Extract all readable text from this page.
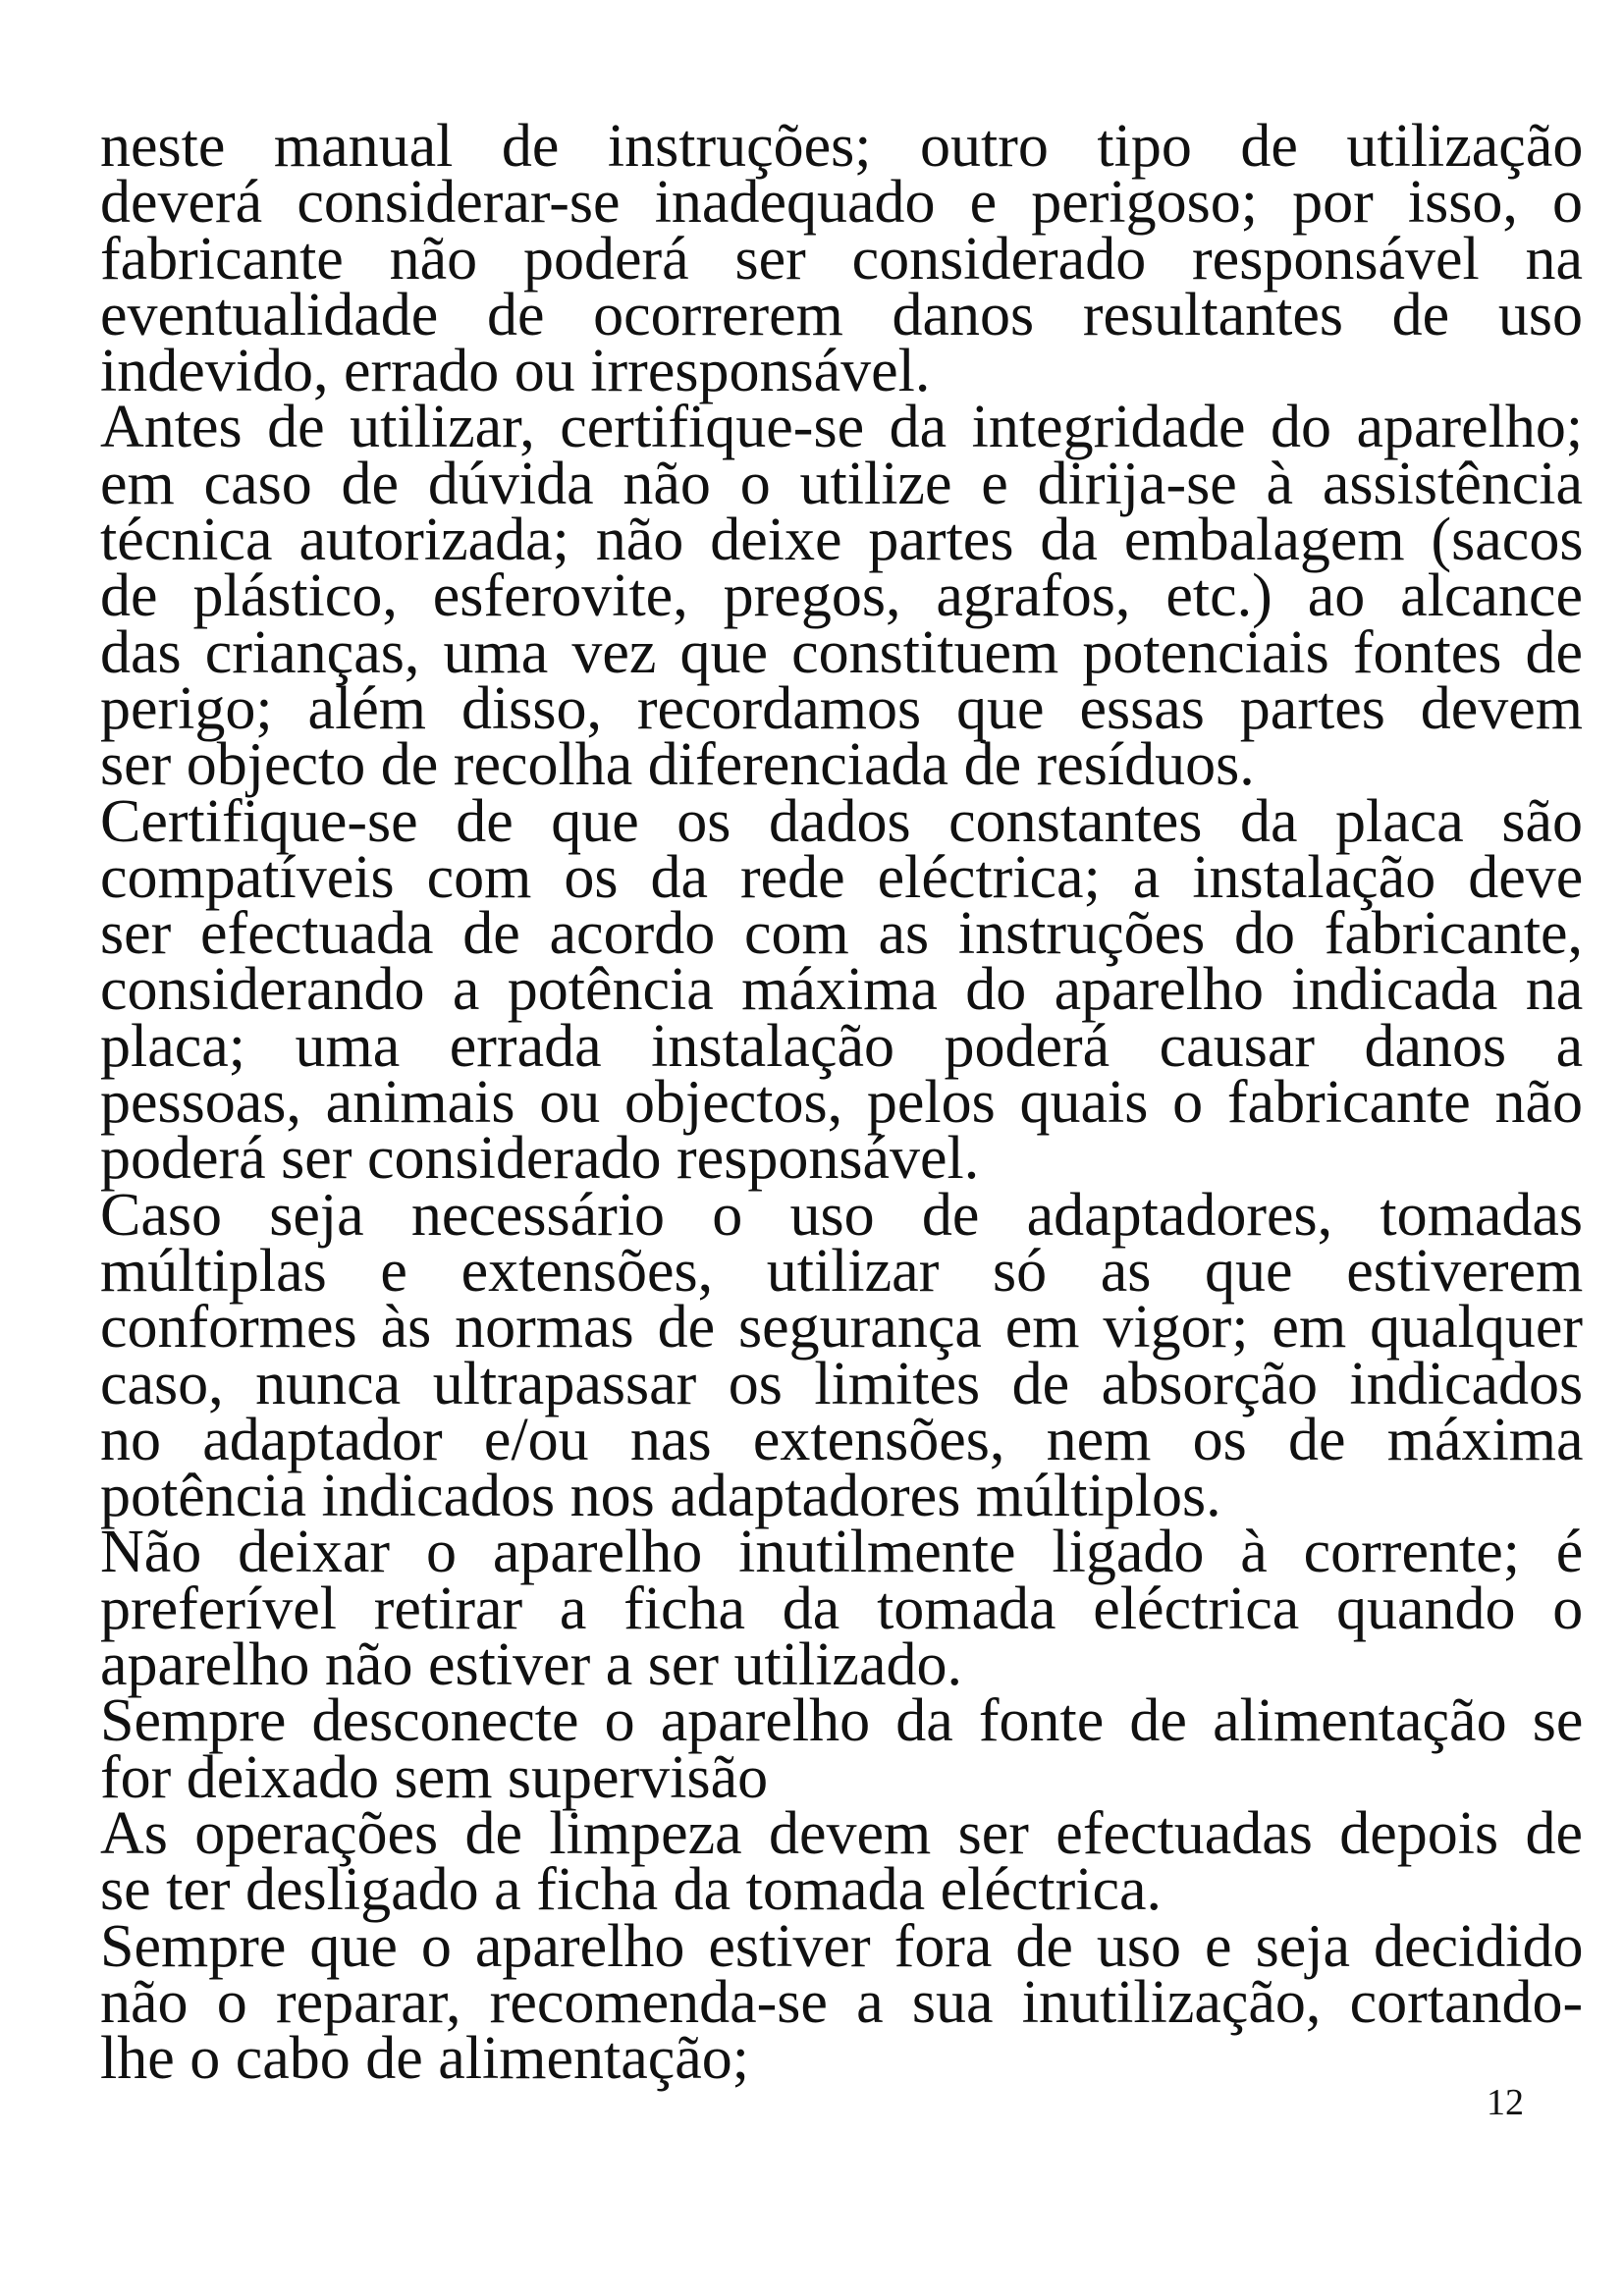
neste manual de instruções; outro tipo de utilização
deverá considerar-se inadequado e perigoso; por isso, o
fabricante não poderá ser considerado responsável na
eventualidade de ocorrerem danos resultantes de uso
indevido, errado ou irresponsável.
Antes de utilizar, certifique-se da integridade do aparelho;
em caso de dúvida não o utilize e dirija-se à assistência
técnica autorizada; não deixe partes da embalagem (sacos
de plástico, esferovite, pregos, agrafos, etc.) ao alcance
das crianças, uma vez que constituem potenciais fontes de
perigo; além disso, recordamos que essas partes devem
ser objecto de recolha diferenciada de resíduos.
Certifique-se de que os dados constantes da placa são
compatíveis com os da rede eléctrica; a instalação deve
ser efectuada de acordo com as instruções do fabricante,
considerando a potência máxima do aparelho indicada na
placa; uma errada instalação poderá causar danos a
pessoas, animais ou objectos, pelos quais o fabricante não
poderá ser considerado responsável.
Caso seja necessário o uso de adaptadores, tomadas
múltiplas e extensões, utilizar só as que estiverem
conformes às normas de segurança em vigor; em qualquer
caso, nunca ultrapassar os limites de absorção indicados
no adaptador e/ou nas extensões, nem os de máxima
potência indicados nos adaptadores múltiplos.
Não deixar o aparelho inutilmente ligado à corrente; é
preferível retirar a ficha da tomada eléctrica quando o
aparelho não estiver a ser utilizado.
Sempre desconecte o aparelho da fonte de alimentação se
for deixado sem supervisão
As operações de limpeza devem ser efectuadas depois de
se ter desligado a ficha da tomada eléctrica.
Sempre que o aparelho estiver fora de uso e seja decidido
não o reparar, recomenda-se a sua inutilização, cortando-
lhe o cabo de alimentação;
12
